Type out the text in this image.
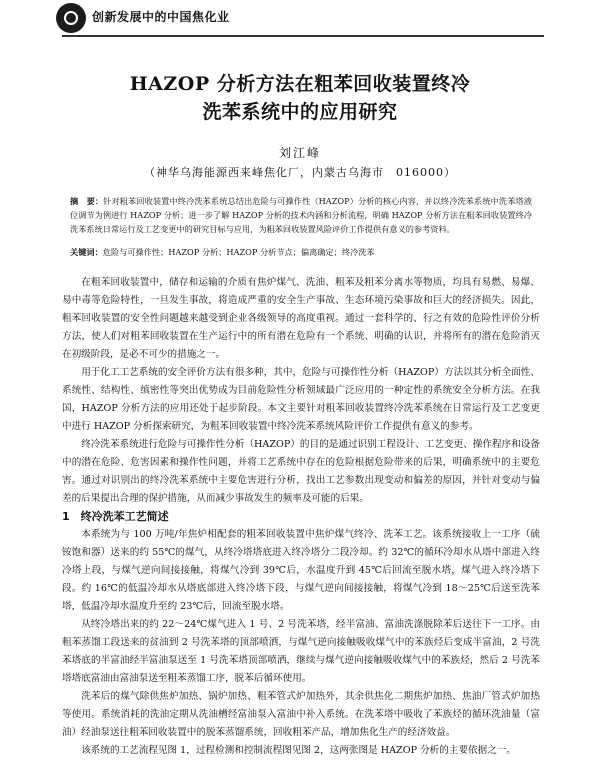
创新发展中的中国焦化业
HAZOP 分析方法在粗苯回收装置终冷
洗苯系统中的应用研究
刘江峰
（神华乌海能源西来峰焦化厂，内蒙古乌海市　016000）
摘　要：针对粗苯回收装置中终冷洗苯系统总结出危险与可操作性（HAZOP）分析的核心内容，并以终冷洗苯系统中洗苯塔液位调节为例进行 HAZOP 分析；进一步了解 HAZOP 分析的技术内涵和分析流程，明确 HAZOP 分析方法在粗苯回收装置终冷洗苯系统日常运行及工艺变更中的研究目标与应用，为粗苯回收装置风险评价工作提供有意义的参考资料。
关键词：危险与可操作性；HAZOP 分析；HAZOP 分析节点；偏离确定；终冷洗苯

在粗苯回收装置中，储存和运输的介质有焦炉煤气、洗油、粗苯及粗苯分离水等物质，均具有易燃、易爆、易中毒等危险特性，一旦发生事故，将造成严重的安全生产事故、生态环境污染事故和巨大的经济损失。因此，粗苯回收装置的安全性问题越来越受到企业各级领导的高度重视。通过一套科学的、行之有效的危险性评价分析方法，使人们对粗苯回收装置在生产运行中的所有潜在危险有一个系统、明确的认识，并将所有的潜在危险消灭在初级阶段，是必不可少的措施之一。

用于化工工艺系统的安全评价方法有很多种，其中，危险与可操作性分析（HAZOP）方法以其分析全面性、系统性、结构性、缜密性等突出优势成为目前危险性分析领域最广泛应用的一种定性的系统安全分析方法。在我国，HAZOP 分析方法的应用还处于起步阶段。本文主要针对粗苯回收装置终冷洗苯系统在日常运行及工艺变更中进行 HAZOP 分析探索研究，为粗苯回收装置中终冷洗苯系统风险评价工作提供有意义的参考。

终冷洗苯系统进行危险与可操作性分析（HAZOP）的目的是通过识别工程设计、工艺变更、操作程序和设备中的潜在危险、危害因素和操作性问题，并将工艺系统中存在的危险根据危险带来的后果，明确系统中的主要危害。通过对识别出的终冷洗苯系统中主要危害进行分析，找出工艺参数出现变动和偏差的原因，并针对变动与偏差的后果提出合理的保护措施，从而减少事故发生的频率及可能的后果。

1　终冷洗苯工艺简述

本系统为与 100 万吨/年焦炉相配套的粗苯回收装置中焦炉煤气终冷、洗苯工艺。该系统接收上一工序（硫铵饱和器）送来的约 55℃的煤气，从终冷塔塔底进入终冷塔分二段冷却。约 32℃的循环冷却水从塔中部进入终冷塔上段，与煤气逆向间接接触，将煤气冷到 39℃后，水温度升到 45℃后回流至脱水塔，煤气进入终冷塔下段。约 16℃的低温冷却水从塔底部进入终冷塔下段，与煤气逆向间接接触，将煤气冷到 18～25℃后送至洗苯塔，低温冷却水温度升至约 23℃后，回流至脱水塔。

从终冷塔出来的约 22～24℃煤气进入 1 号、2 号洗苯塔，经半富油、富油洗涤脱除苯后送往下一工序。由粗苯蒸馏工段送来的贫油到 2 号洗苯塔的顶部喷洒，与煤气逆向接触吸收煤气中的苯族烃后变成半富油，2 号洗苯塔底的半富油经半富油泵送至 1 号洗苯塔顶部喷洒，继续与煤气逆向接触吸收煤气中的苯族烃，然后 2 号洗苯塔塔底富油由富油泵送至粗苯蒸馏工序，脱苯后循环使用。

洗苯后的煤气除供焦炉加热、锅炉加热、粗苯管式炉加热外，其余供焦化二期焦炉加热、焦油厂管式炉加热等使用。系统消耗的洗油定期从洗油槽经富油泵入富油中补入系统。在洗苯塔中吸收了苯族烃的循环洗油量（富油）经油泵送往粗苯回收装置中的脱苯蒸馏系统，回收粗苯产品，增加焦化生产的经济效益。

该系统的工艺流程见图 1，过程检测和控制流程图见图 2，这两张图是 HAZOP 分析的主要依据之一。
